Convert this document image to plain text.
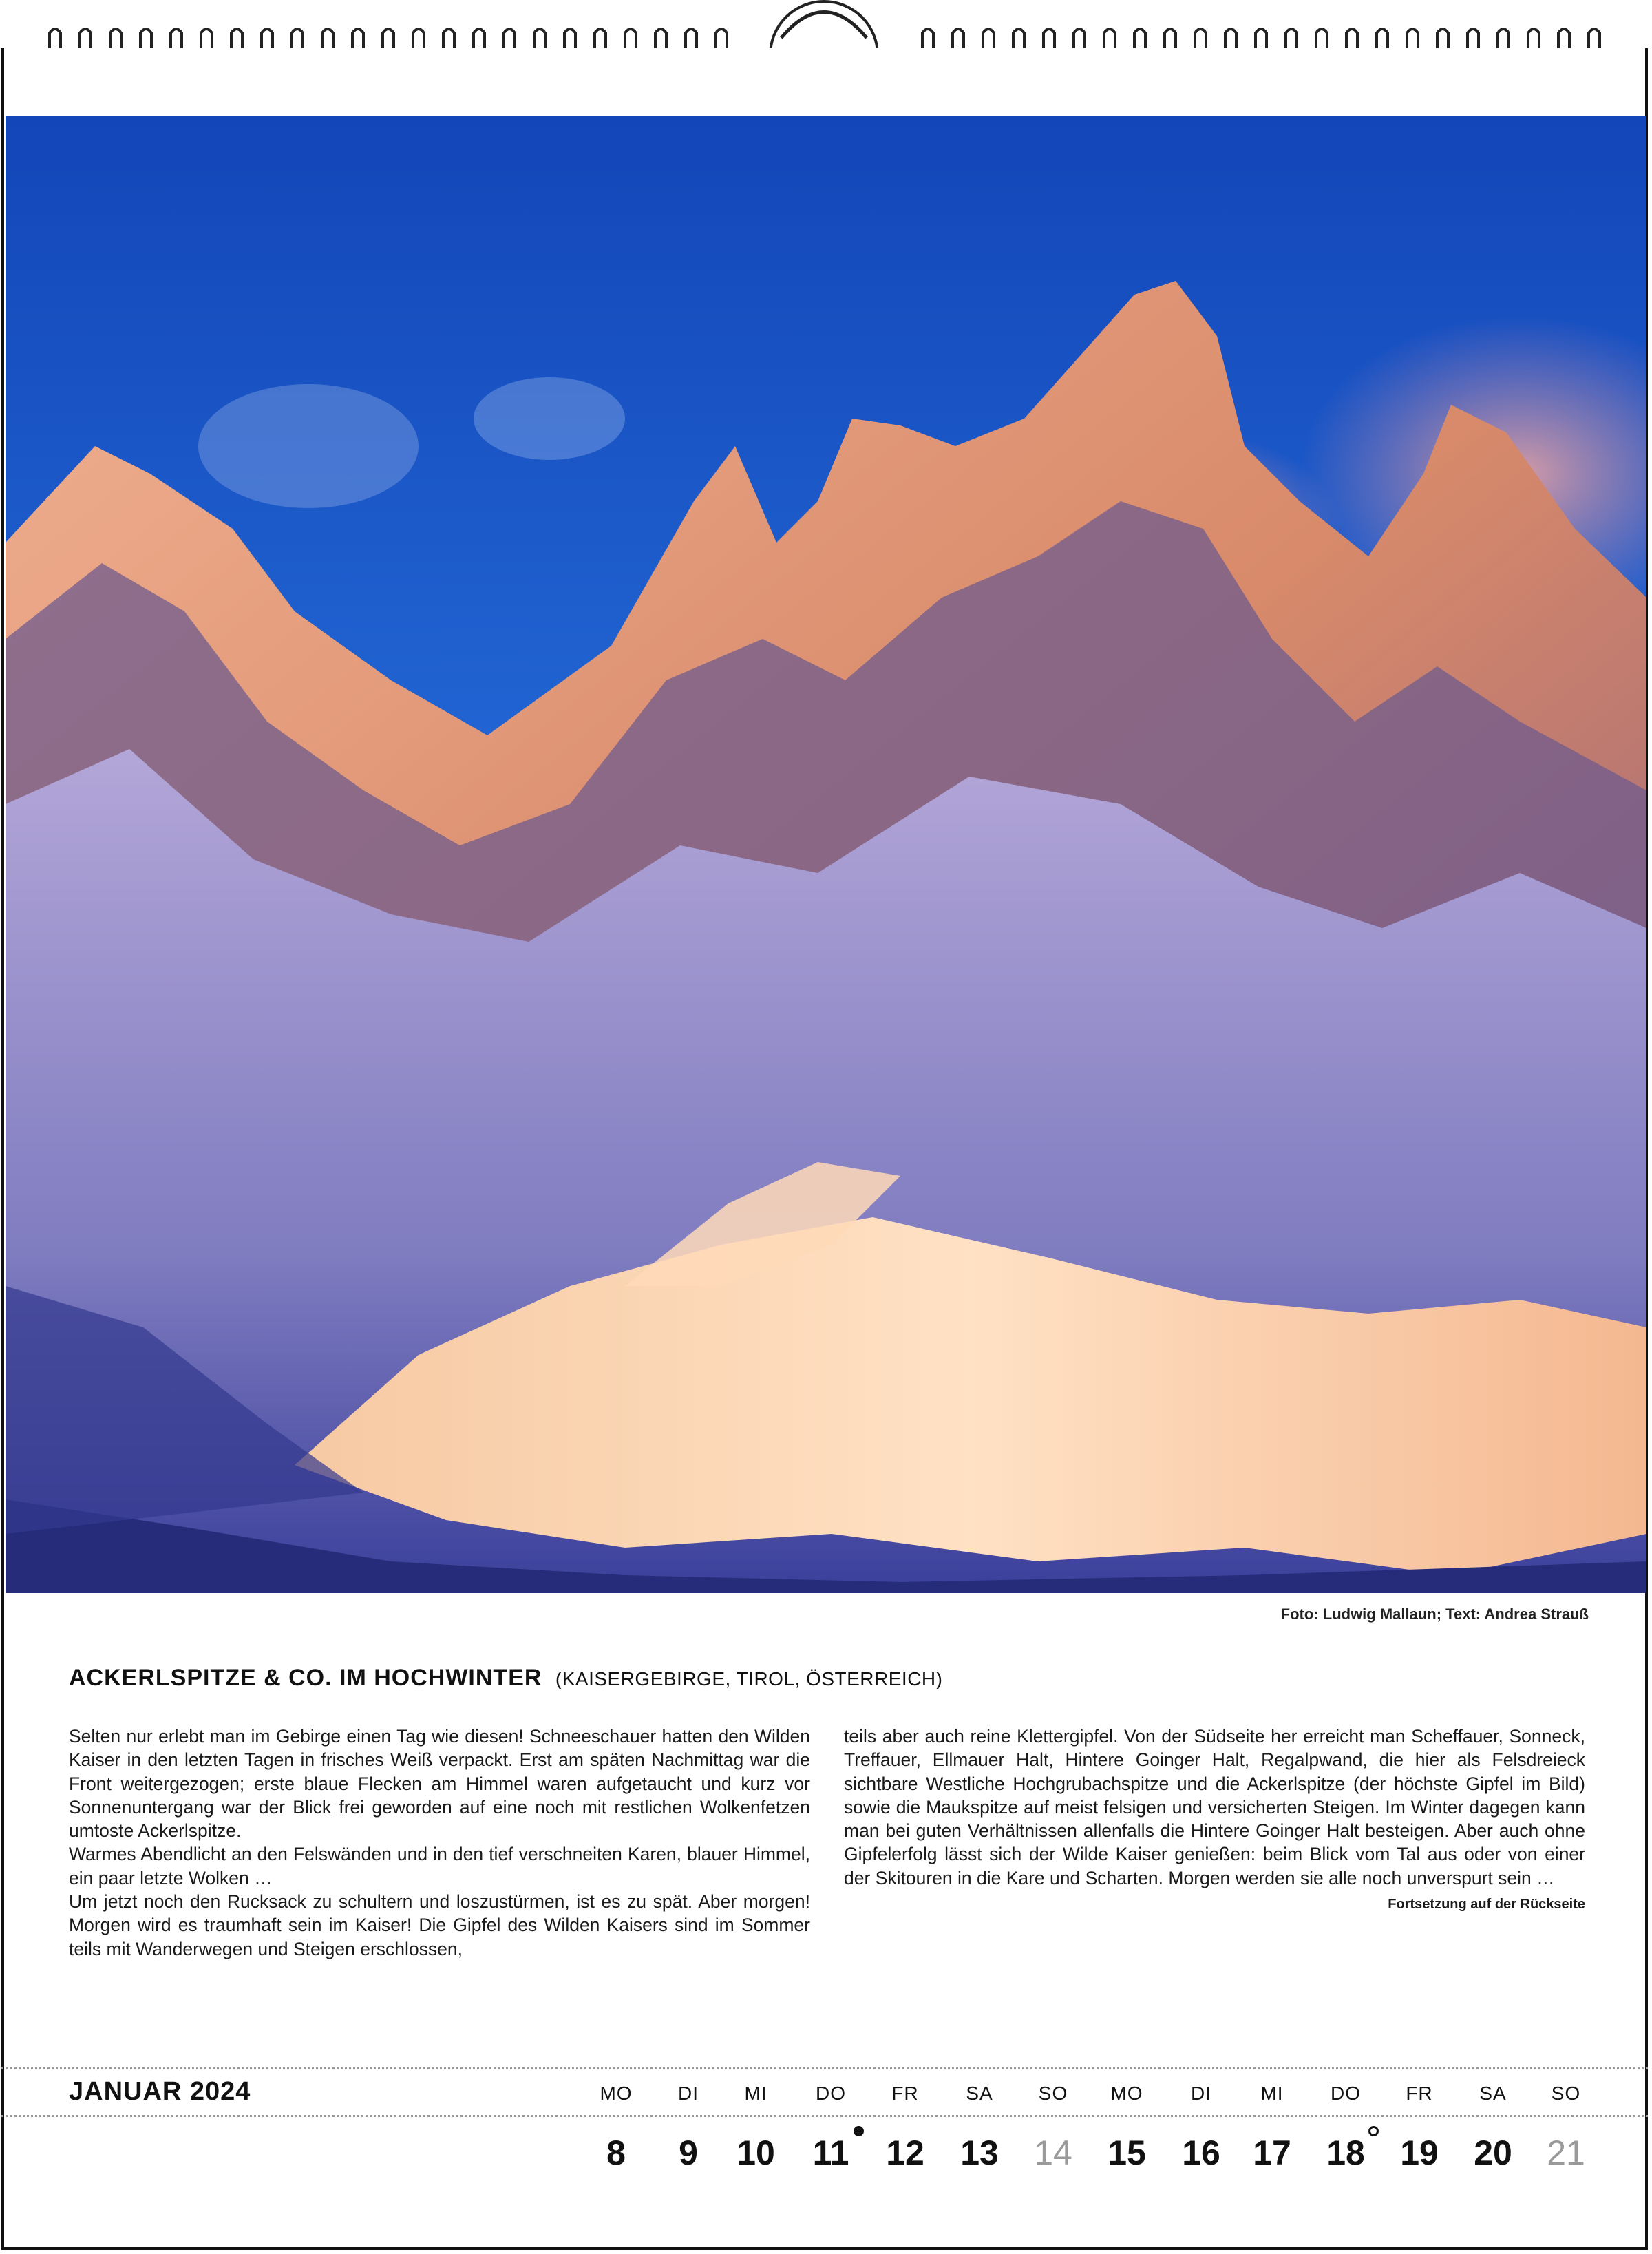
Foto: Ludwig Mallaun; Text: Andrea Strauß
ACKERLSPITZE & CO. IM HOCHWINTER (KAISERGEBIRGE, TIROL, ÖSTERREICH)

Selten nur erlebt man im Gebirge einen Tag wie diesen! Schneeschauer hatten den Wilden Kaiser in den letzten Tagen in frisches Weiß verpackt. Erst am späten Nachmittag war die Front weitergezogen; erste blaue Flecken am Himmel waren aufgetaucht und kurz vor Sonnenuntergang war der Blick frei geworden auf eine noch mit restlichen Wolkenfetzen umtoste Ackerlspitze.

Warmes Abendlicht an den Felswänden und in den tief verschneiten Karen, blauer Himmel, ein paar letzte Wolken …

Um jetzt noch den Rucksack zu schultern und loszustürmen, ist es zu spät. Aber morgen! Morgen wird es traumhaft sein im Kaiser! Die Gipfel des Wilden Kaisers sind im Sommer teils mit Wanderwegen und Steigen erschlossen,

teils aber auch reine Klettergipfel. Von der Südseite her erreicht man Scheffauer, Sonneck, Treffauer, Ellmauer Halt, Hintere Goinger Halt, Regalpwand, die hier als Felsdreieck sichtbare Westliche Hochgrubachspitze und die Ackerlspitze (der höchste Gipfel im Bild) sowie die Maukspitze auf meist felsigen und versicherten Steigen. Im Winter dagegen kann man bei guten Verhältnissen allenfalls die Hintere Goinger Halt besteigen. Aber auch ohne Gipfelerfolg lässt sich der Wilde Kaiser genießen: beim Blick vom Tal aus oder von einer der Skitouren in die Kare und Scharten. Morgen werden sie alle noch unverspurt sein …

Fortsetzung auf der Rückseite
JANUAR 2024	MO
8
DI
9
MI
10
DO
11
FR
12
SA
13
SO
14
MO
15
DI
16
MI
17
DO
18
FR
19
SA
20
SO
21
